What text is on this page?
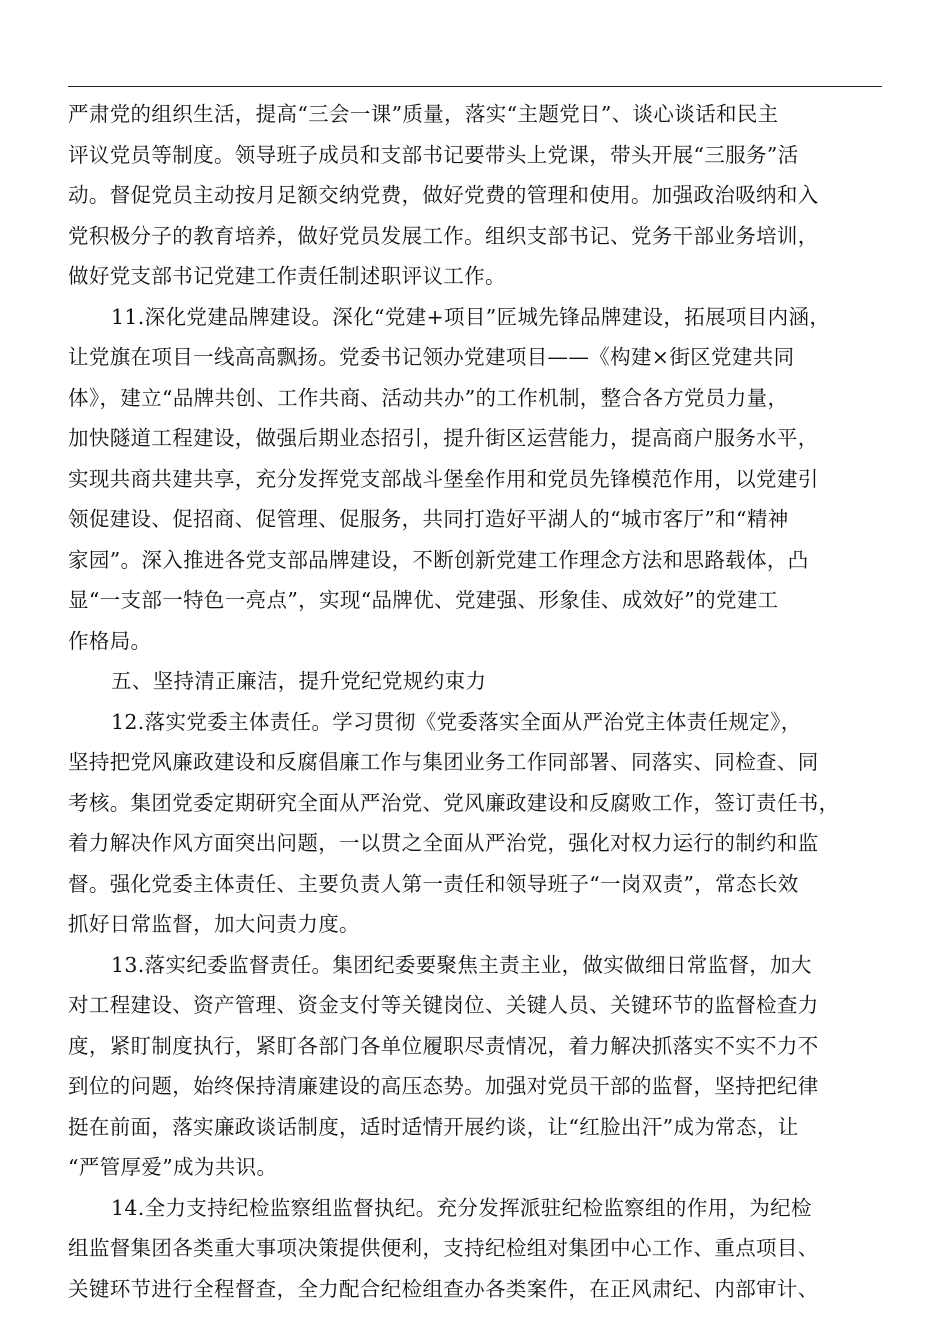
严肃党的组织生活，提高“三会一课”质量，落实“主题党日”、谈心谈话和民主
评议党员等制度。领导班子成员和支部书记要带头上党课，带头开展“三服务”活
动。督促党员主动按月足额交纳党费，做好党费的管理和使用。加强政治吸纳和入
党积极分子的教育培养，做好党员发展工作。组织支部书记、党务干部业务培训，
做好党支部书记党建工作责任制述职评议工作。
11.深化党建品牌建设。深化“党建+项目”匠城先锋品牌建设，拓展项目内涵，
让党旗在项目一线高高飘扬。党委书记领办党建项目——《构建×街区党建共同
体》，建立“品牌共创、工作共商、活动共办”的工作机制，整合各方党员力量，
加快隧道工程建设，做强后期业态招引，提升街区运营能力，提高商户服务水平，
实现共商共建共享，充分发挥党支部战斗堡垒作用和党员先锋模范作用，以党建引
领促建设、促招商、促管理、促服务，共同打造好平湖人的“城市客厅”和“精神
家园”。深入推进各党支部品牌建设，不断创新党建工作理念方法和思路载体，凸
显“一支部一特色一亮点”，实现“品牌优、党建强、形象佳、成效好”的党建工
作格局。
五、坚持清正廉洁，提升党纪党规约束力
12.落实党委主体责任。学习贯彻《党委落实全面从严治党主体责任规定》，
坚持把党风廉政建设和反腐倡廉工作与集团业务工作同部署、同落实、同检查、同
考核。集团党委定期研究全面从严治党、党风廉政建设和反腐败工作，签订责任书，
着力解决作风方面突出问题，一以贯之全面从严治党，强化对权力运行的制约和监
督。强化党委主体责任、主要负责人第一责任和领导班子“一岗双责”，常态长效
抓好日常监督，加大问责力度。
13.落实纪委监督责任。集团纪委要聚焦主责主业，做实做细日常监督，加大
对工程建设、资产管理、资金支付等关键岗位、关键人员、关键环节的监督检查力
度，紧盯制度执行，紧盯各部门各单位履职尽责情况，着力解决抓落实不实不力不
到位的问题，始终保持清廉建设的高压态势。加强对党员干部的监督，坚持把纪律
挺在前面，落实廉政谈话制度，适时适情开展约谈，让“红脸出汗”成为常态，让
“严管厚爱”成为共识。
14.全力支持纪检监察组监督执纪。充分发挥派驻纪检监察组的作用，为纪检
组监督集团各类重大事项决策提供便利，支持纪检组对集团中心工作、重点项目、
关键环节进行全程督查，全力配合纪检组查办各类案件，在正风肃纪、内部审计、
